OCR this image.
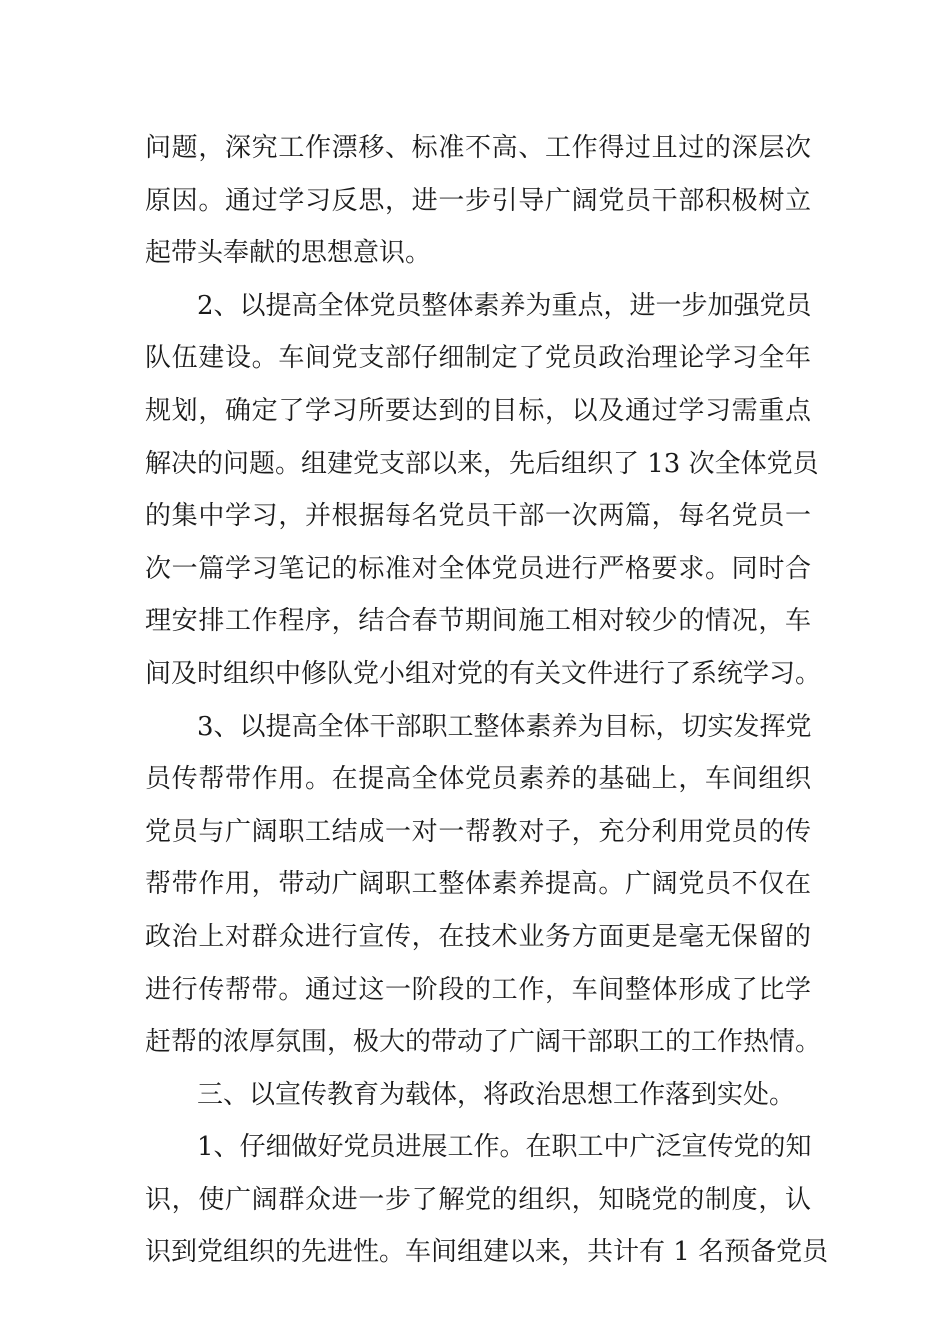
问题，深究工作漂移、标准不高、工作得过且过的深层次
原因。通过学习反思，进一步引导广阔党员干部积极树立
起带头奉献的思想意识。
2、以提高全体党员整体素养为重点，进一步加强党员
队伍建设。车间党支部仔细制定了党员政治理论学习全年
规划，确定了学习所要达到的目标，以及通过学习需重点
解决的问题。组建党支部以来，先后组织了 13 次全体党员
的集中学习，并根据每名党员干部一次两篇，每名党员一
次一篇学习笔记的标准对全体党员进行严格要求。同时合
理安排工作程序，结合春节期间施工相对较少的情况，车
间及时组织中修队党小组对党的有关文件进行了系统学习。
3、以提高全体干部职工整体素养为目标，切实发挥党
员传帮带作用。在提高全体党员素养的基础上，车间组织
党员与广阔职工结成一对一帮教对子，充分利用党员的传
帮带作用，带动广阔职工整体素养提高。广阔党员不仅在
政治上对群众进行宣传，在技术业务方面更是毫无保留的
进行传帮带。通过这一阶段的工作，车间整体形成了比学
赶帮的浓厚氛围，极大的带动了广阔干部职工的工作热情。
三、以宣传教育为载体，将政治思想工作落到实处。
1、仔细做好党员进展工作。在职工中广泛宣传党的知
识，使广阔群众进一步了解党的组织，知晓党的制度，认
识到党组织的先进性。车间组建以来，共计有 1 名预备党员
